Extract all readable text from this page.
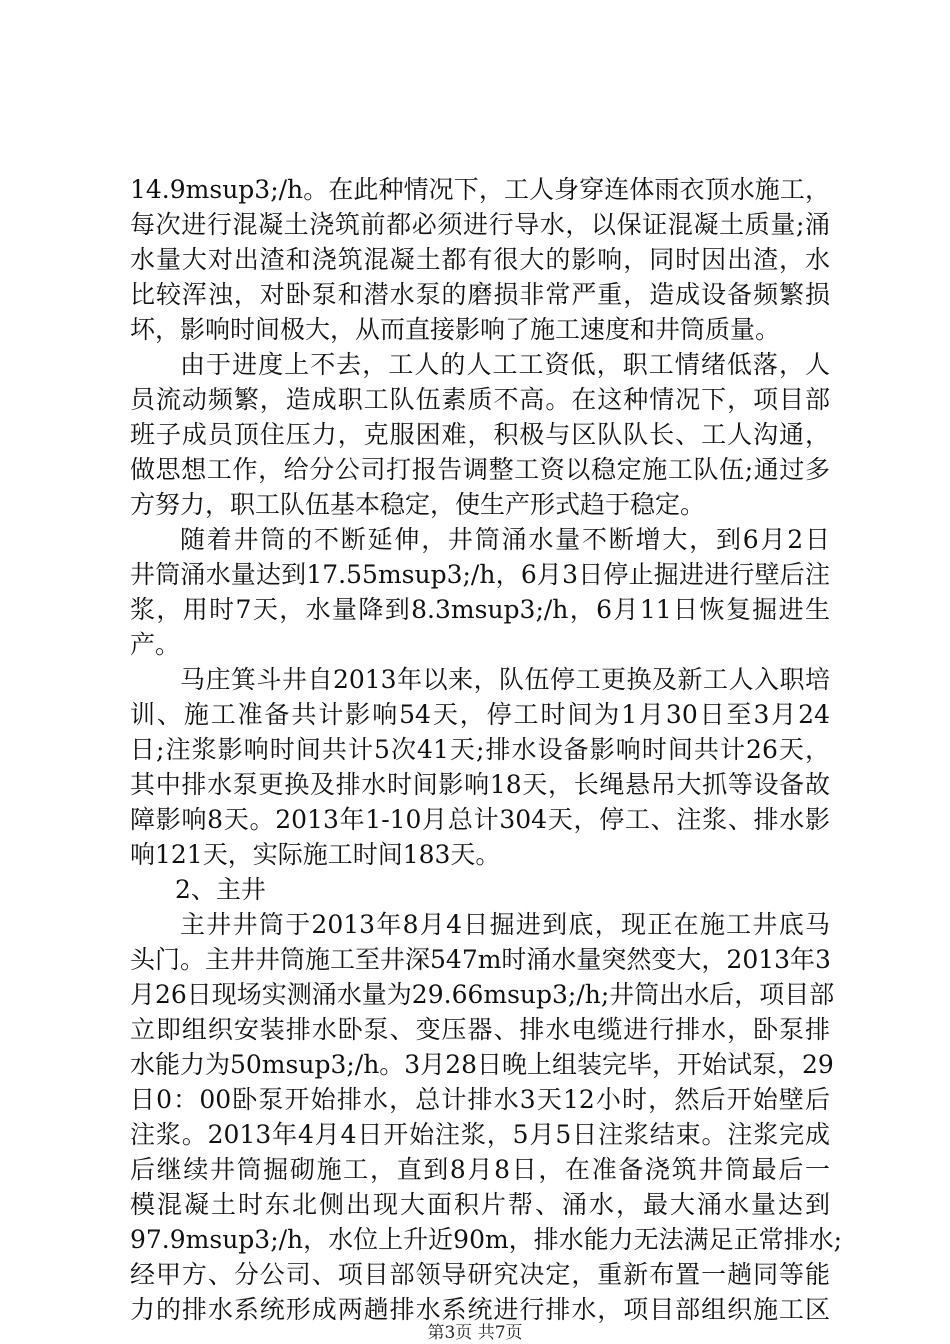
14.9msup3;/h。在此种情况下，工人身穿连体雨衣顶水施工，
每次进行混凝土浇筑前都必须进行导水，以保证混凝土质量;涌
水量大对出渣和浇筑混凝土都有很大的影响，同时因出渣，水
比较浑浊，对卧泵和潜水泵的磨损非常严重，造成设备频繁损
坏，影响时间极大，从而直接影响了施工速度和井筒质量。
由于进度上不去，工人的人工工资低，职工情绪低落，人
员流动频繁，造成职工队伍素质不高。在这种情况下，项目部
班子成员顶住压力，克服困难，积极与区队队长、工人沟通，
做思想工作，给分公司打报告调整工资以稳定施工队伍;通过多
方努力，职工队伍基本稳定，使生产形式趋于稳定。
随着井筒的不断延伸，井筒涌水量不断增大，到6月2日
井筒涌水量达到17.55msup3;/h，6月3日停止掘进进行壁后注
浆，用时7天，水量降到8.3msup3;/h，6月11日恢复掘进生
产。
马庄箕斗井自2013年以来，队伍停工更换及新工人入职培
训、施工准备共计影响54天，停工时间为1月30日至3月24
日;注浆影响时间共计5次41天;排水设备影响时间共计26天，
其中排水泵更换及排水时间影响18天，长绳悬吊大抓等设备故
障影响8天。2013年1-10月总计304天，停工、注浆、排水影
响121天，实际施工时间183天。
2、主井
主井井筒于2013年8月4日掘进到底，现正在施工井底马
头门。主井井筒施工至井深547m时涌水量突然变大，2013年3
月26日现场实测涌水量为29.66msup3;/h;井筒出水后，项目部
立即组织安装排水卧泵、变压器、排水电缆进行排水，卧泵排
水能力为50msup3;/h。3月28日晚上组装完毕，开始试泵，29
日0：00卧泵开始排水，总计排水3天12小时，然后开始壁后
注浆。2013年4月4日开始注浆，5月5日注浆结束。注浆完成
后继续井筒掘砌施工，直到8月8日，在准备浇筑井筒最后一
模混凝土时东北侧出现大面积片帮、涌水，最大涌水量达到
97.9msup3;/h，水位上升近90m，排水能力无法满足正常排水;
经甲方、分公司、项目部领导研究决定，重新布置一趟同等能
力的排水系统形成两趟排水系统进行排水，项目部组织施工区
第3页 共7页
